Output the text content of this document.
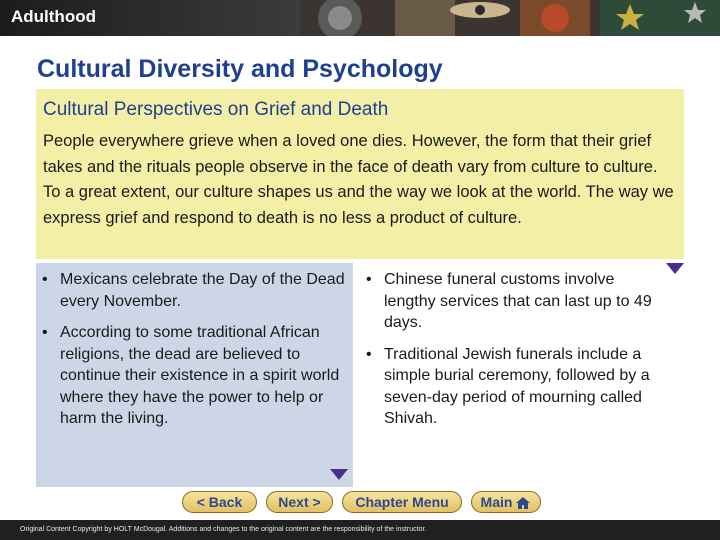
Adulthood
Cultural Diversity and Psychology
Cultural Perspectives on Grief and Death
People everywhere grieve when a loved one dies. However, the form that their grief takes and the rituals people observe in the face of death vary from culture to culture. To a great extent, our culture shapes us and the way we look at the world. The way we express grief and respond to death is no less a product of culture.
• Mexicans celebrate the Day of the Dead every November.
• According to some traditional African religions, the dead are believed to continue their existence in a spirit world where they have the power to help or harm the living.
• Chinese funeral customs involve lengthy services that can last up to 49 days.
• Traditional Jewish funerals include a simple burial ceremony, followed by a seven-day period of mourning called Shivah.
< Back	Next >	Chapter Menu	Main
Original Content Copyright by HOLT McDougal. Additions and changes to the original content are the responsibility of the instructor.
